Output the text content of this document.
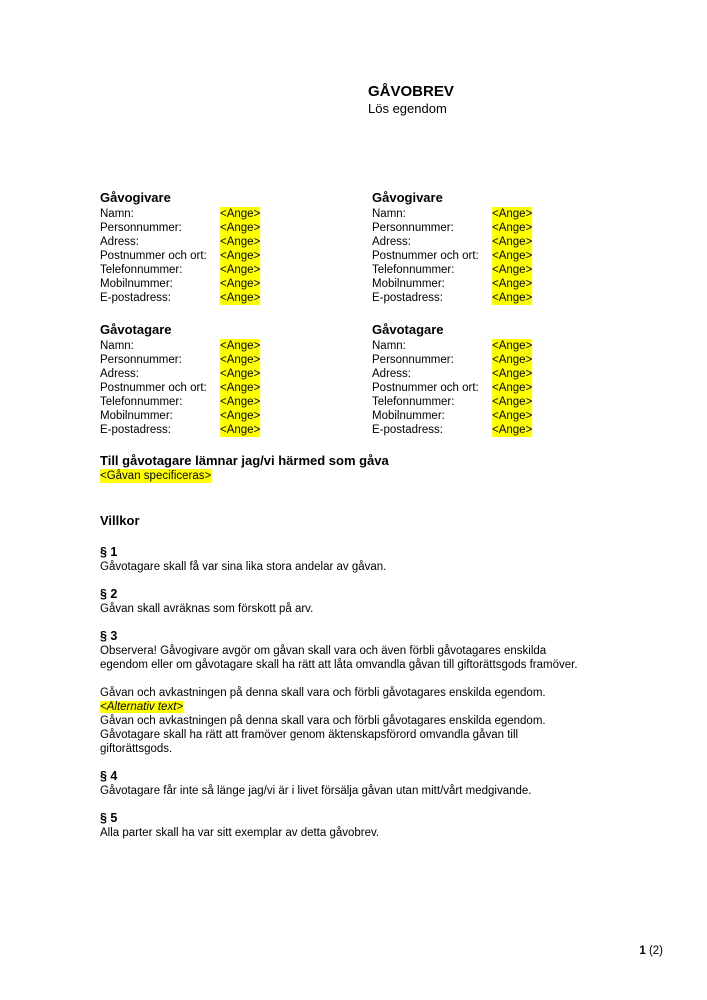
GÅVOBREV
Lös egendom
Gåvogivare
Namn:	<Ange>
Personnummer:	<Ange>
Adress:	<Ange>
Postnummer och ort:	<Ange>
Telefonnummer:	<Ange>
Mobilnummer:	<Ange>
E-postadress:	<Ange>
Gåvogivare
Namn:	<Ange>
Personnummer:	<Ange>
Adress:	<Ange>
Postnummer och ort:	<Ange>
Telefonnummer:	<Ange>
Mobilnummer:	<Ange>
E-postadress:	<Ange>
Gåvotagare
Namn:	<Ange>
Personnummer:	<Ange>
Adress:	<Ange>
Postnummer och ort:	<Ange>
Telefonnummer:	<Ange>
Mobilnummer:	<Ange>
E-postadress:	<Ange>
Gåvotagare
Namn:	<Ange>
Personnummer:	<Ange>
Adress:	<Ange>
Postnummer och ort:	<Ange>
Telefonnummer:	<Ange>
Mobilnummer:	<Ange>
E-postadress:	<Ange>
Till gåvotagare lämnar jag/vi härmed som gåva
<Gåvan specificeras>
Villkor
§ 1
Gåvotagare skall få var sina lika stora andelar av gåvan.
§ 2
Gåvan skall avräknas som förskott på arv.
§ 3
Observera! Gåvogivare avgör om gåvan skall vara och även förbli gåvotagares enskilda
egendom eller om gåvotagare skall ha rätt att låta omvandla gåvan till giftorättsgods framöver.
Gåvan och avkastningen på denna skall vara och förbli gåvotagares enskilda egendom.
<Alternativ text>
Gåvan och avkastningen på denna skall vara och förbli gåvotagares enskilda egendom.
Gåvotagare skall ha rätt att framöver genom äktenskapsförord omvandla gåvan till
giftorättsgods.
§ 4
Gåvotagare får inte så länge jag/vi är i livet försälja gåvan utan mitt/vårt medgivande.
§ 5
Alla parter skall ha var sitt exemplar av detta gåvobrev.
1 (2)
